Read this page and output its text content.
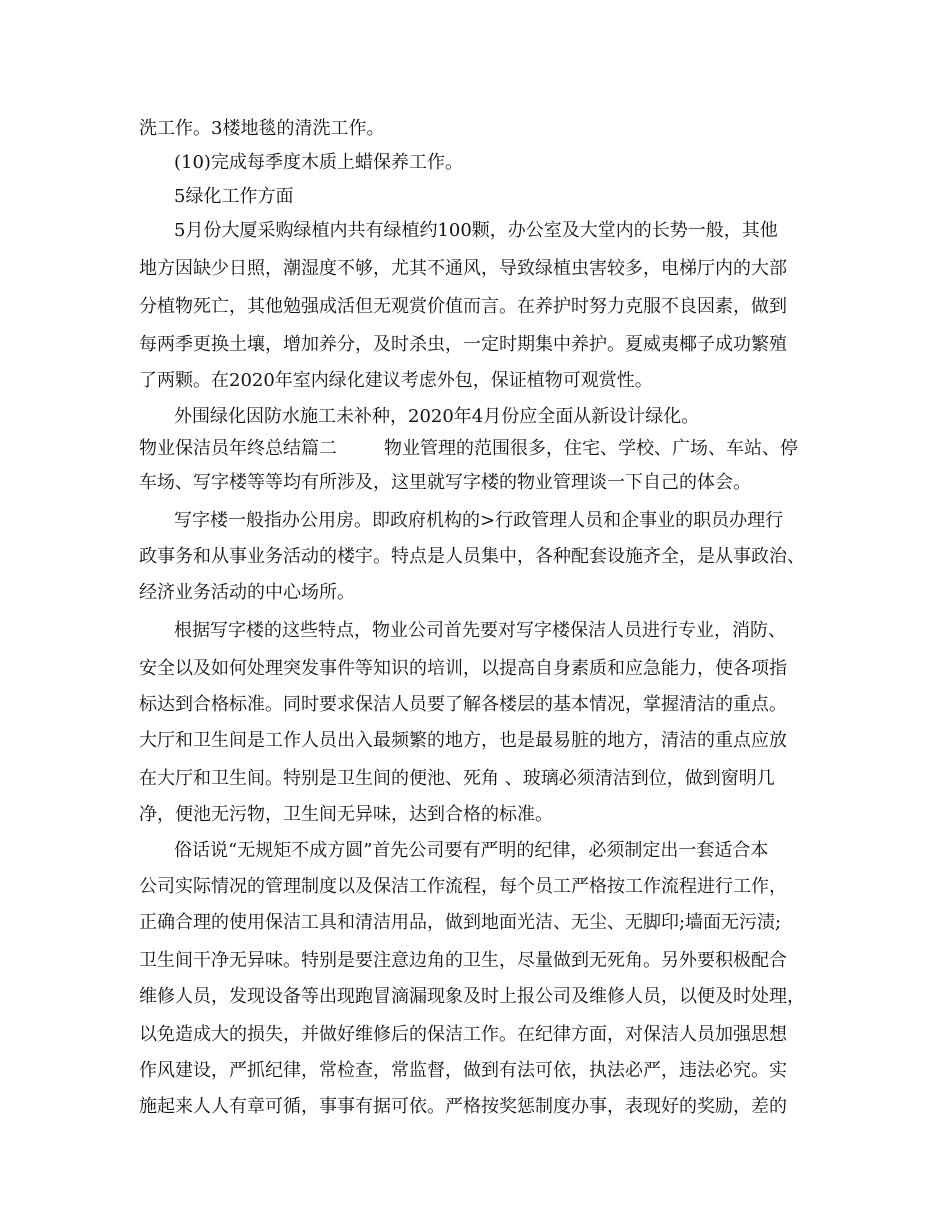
洗工作。3楼地毯的清洗工作。

(10)完成每季度木质上蜡保养工作。

5绿化工作方面

5月份大厦采购绿植内共有绿植约100颗，办公室及大堂内的长势一般，其他

地方因缺少日照，潮湿度不够，尤其不通风，导致绿植虫害较多，电梯厅内的大部

分植物死亡，其他勉强成活但无观赏价值而言。在养护时努力克服不良因素，做到

每两季更换土壤，增加养分，及时杀虫，一定时期集中养护。夏威夷椰子成功繁殖

了两颗。在2020年室内绿化建议考虑外包，保证植物可观赏性。

外围绿化因防水施工未补种，2020年4月份应全面从新设计绿化。

物业保洁员年终总结篇二	物业管理的范围很多，住宅、学校、广场、车站、停

车场、写字楼等等均有所涉及，这里就写字楼的物业管理谈一下自己的体会。

写字楼一般指办公用房。即政府机构的>行政管理人员和企事业的职员办理行

政事务和从事业务活动的楼宇。特点是人员集中，各种配套设施齐全，是从事政治、

经济业务活动的中心场所。

根据写字楼的这些特点，物业公司首先要对写字楼保洁人员进行专业，消防、

安全以及如何处理突发事件等知识的培训，以提高自身素质和应急能力，使各项指

标达到合格标准。同时要求保洁人员要了解各楼层的基本情况，掌握清洁的重点。

大厅和卫生间是工作人员出入最频繁的地方，也是最易脏的地方，清洁的重点应放

在大厅和卫生间。特别是卫生间的便池、死角 、玻璃必须清洁到位，做到窗明几

净，便池无污物，卫生间无异味，达到合格的标准。

俗话说“无规矩不成方圆”首先公司要有严明的纪律，必须制定出一套适合本

公司实际情况的管理制度以及保洁工作流程，每个员工严格按工作流程进行工作，

正确合理的使用保洁工具和清洁用品，做到地面光洁、无尘、无脚印;墙面无污渍;

卫生间干净无异味。特别是要注意边角的卫生，尽量做到无死角。另外要积极配合

维修人员，发现设备等出现跑冒滴漏现象及时上报公司及维修人员，以便及时处理，

以免造成大的损失，并做好维修后的保洁工作。在纪律方面，对保洁人员加强思想

作风建设，严抓纪律，常检查，常监督，做到有法可依，执法必严，违法必究。实

施起来人人有章可循，事事有据可依。严格按奖惩制度办事，表现好的奖励，差的
